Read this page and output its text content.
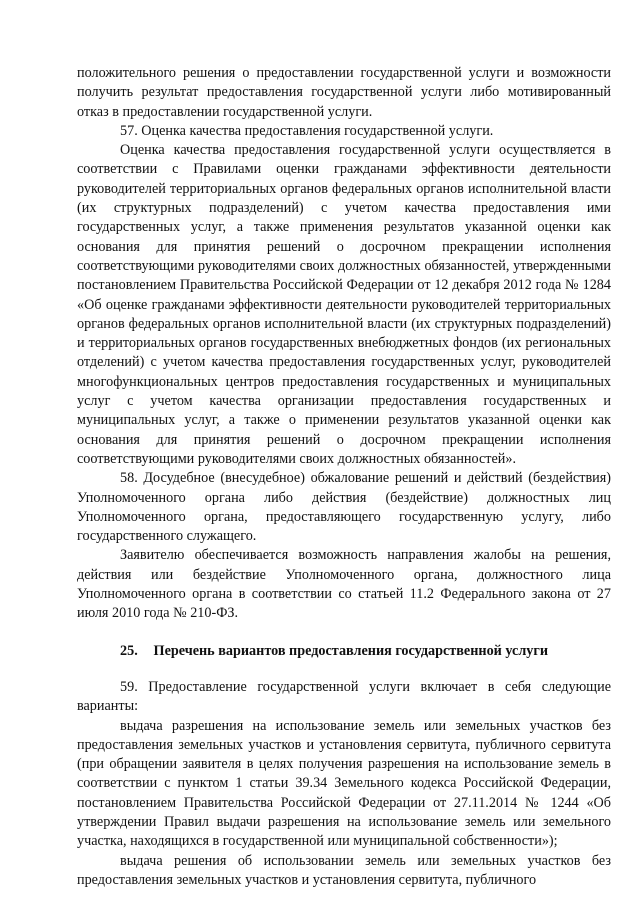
положительного решения о предоставлении государственной услуги и возможности получить результат предоставления государственной услуги либо мотивированный отказ в предоставлении государственной услуги.

57. Оценка качества предоставления государственной услуги.

Оценка качества предоставления государственной услуги осуществляется в соответствии с Правилами оценки гражданами эффективности деятельности руководителей территориальных органов федеральных органов исполнительной власти (их структурных подразделений) с учетом качества предоставления ими государственных услуг, а также применения результатов указанной оценки как основания для принятия решений о досрочном прекращении исполнения соответствующими руководителями своих должностных обязанностей, утвержденными постановлением Правительства Российской Федерации от 12 декабря 2012 года № 1284 «Об оценке гражданами эффективности деятельности руководителей территориальных органов федеральных органов исполнительной власти (их структурных подразделений) и территориальных органов государственных внебюджетных фондов (их региональных отделений) с учетом качества предоставления государственных услуг, руководителей многофункциональных центров предоставления государственных и муниципальных услуг с учетом качества организации предоставления государственных и муниципальных услуг, а также о применении результатов указанной оценки как основания для принятия решений о досрочном прекращении исполнения соответствующими руководителями своих должностных обязанностей».

58. Досудебное (внесудебное) обжалование решений и действий (бездействия) Уполномоченного органа либо действия (бездействие) должностных лиц Уполномоченного органа, предоставляющего государственную услугу, либо государственного служащего.

Заявителю обеспечивается возможность направления жалобы на решения, действия или бездействие Уполномоченного органа, должностного лица Уполномоченного органа в соответствии со статьей 11.2 Федерального закона от 27 июля 2010 года № 210-ФЗ.

25. Перечень вариантов предоставления государственной услуги

59. Предоставление государственной услуги включает в себя следующие варианты:

выдача разрешения на использование земель или земельных участков без предоставления земельных участков и установления сервитута, публичного сервитута (при обращении заявителя в целях получения разрешения на использование земель в соответствии с пунктом 1 статьи 39.34 Земельного кодекса Российской Федерации, постановлением Правительства Российской Федерации от 27.11.2014 № 1244 «Об утверждении Правил выдачи разрешения на использование земель или земельного участка, находящихся в государственной или муниципальной собственности»);

выдача решения об использовании земель или земельных участков без предоставления земельных участков и установления сервитута, публичного
